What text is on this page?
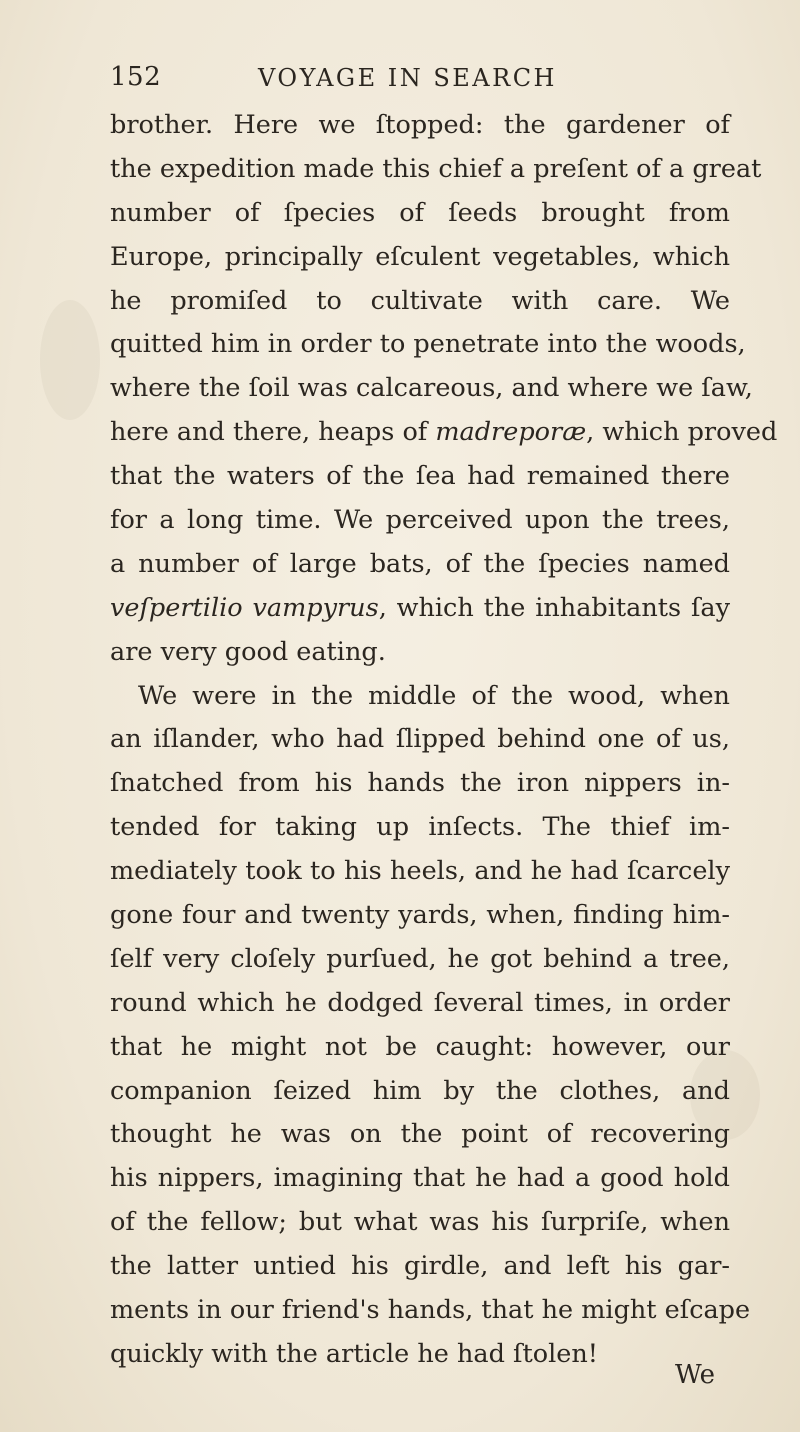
152	VOYAGE IN SEARCH
brother. Here we ſtopped: the gardener of
the expedition made this chief a preſent of a great
number of ſpecies of ſeeds brought from
Europe, principally eſculent vegetables, which
he promiſed to cultivate with care. We
quitted him in order to penetrate into the woods,
where the ſoil was calcareous, and where we ſaw,
here and there, heaps of madreporæ, which proved
that the waters of the ſea had remained there
for a long time. We perceived upon the trees,
a number of large bats, of the ſpecies named
veſpertilio vampyrus, which the inhabitants ſay
are very good eating.
We were in the middle of the wood, when
an iſlander, who had ſlipped behind one of us,
ſnatched from his hands the iron nippers in-
tended for taking up inſects. The thief im-
mediately took to his heels, and he had ſcarcely
gone four and twenty yards, when, finding him-
ſelf very cloſely purſued, he got behind a tree,
round which he dodged ſeveral times, in order
that he might not be caught: however, our
companion ſeized him by the clothes, and
thought he was on the point of recovering
his nippers, imagining that he had a good hold
of the fellow; but what was his ſurpriſe, when
the latter untied his girdle, and left his gar-
ments in our friend's hands, that he might eſcape
quickly with the article he had ſtolen!
We
